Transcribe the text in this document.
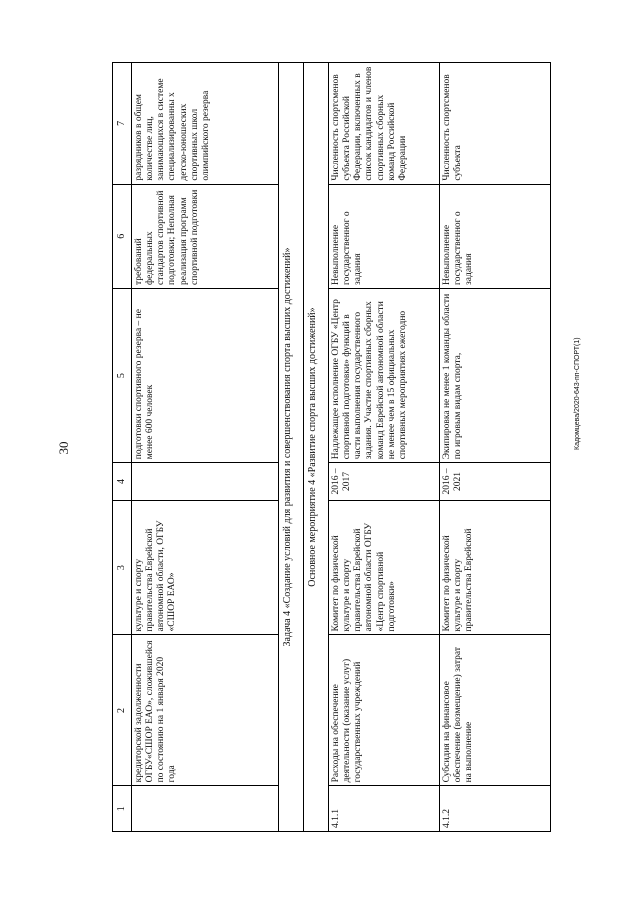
30	Кадомцева/2020-643-пп-СПОРТ(1)
1	2	3	4	5	6	7
	кредиторской задолженности ОГБУ«СШОР ЕАО», сложившейся по состоянию на 1 января 2020 года	культуре и спорту правительства Еврейской автономной области, ОГБУ «СШОР ЕАО»		подготовки спортивного резерва – не менее 600 человек	требований федеральных стандартов спортивной подготовки; Неполная реализация программ спортивной подготовки	разрядников в общем количестве лиц, занимающихся в системе специализированны х детско-юношеских спортивных школ олимпийского резерва
Задача 4 «Создание условий для развития и совершенствования спорта высших достижений»						
Основное мероприятие 4 «Развитие спорта высших достижений»						
4.1.1	Расходы на обеспечение деятельности (оказание услуг) государственных учреждений	Комитет по физической культуре и спорту правительства Еврейской автономной области ОГБУ «Центр спортивной подготовки»	2016 – 2017	Надлежащее исполнение ОГБУ «Центр спортивной подготовки» функций в части выполнения государственного задания. Участие спортивных сборных команд Еврейской автономной области не менее чем в 15 официальных спортивных мероприятиях ежегодно	Невыполнение государственног о задания	Численность спортсменов субъекта Российской Федерации, включенных в список кандидатов и членов спортивных сборных команд Российской Федерации
4.1.2	Субсидия на финансовое обеспечение (возмещение) затрат на выполнение	Комитет по физической культуре и спорту правительства Еврейской	2016 – 2021	Экипировка не менее 1 команды области по игровым видам спорта,	Невыполнение государственног о задания	Численность спортсменов субъекта
